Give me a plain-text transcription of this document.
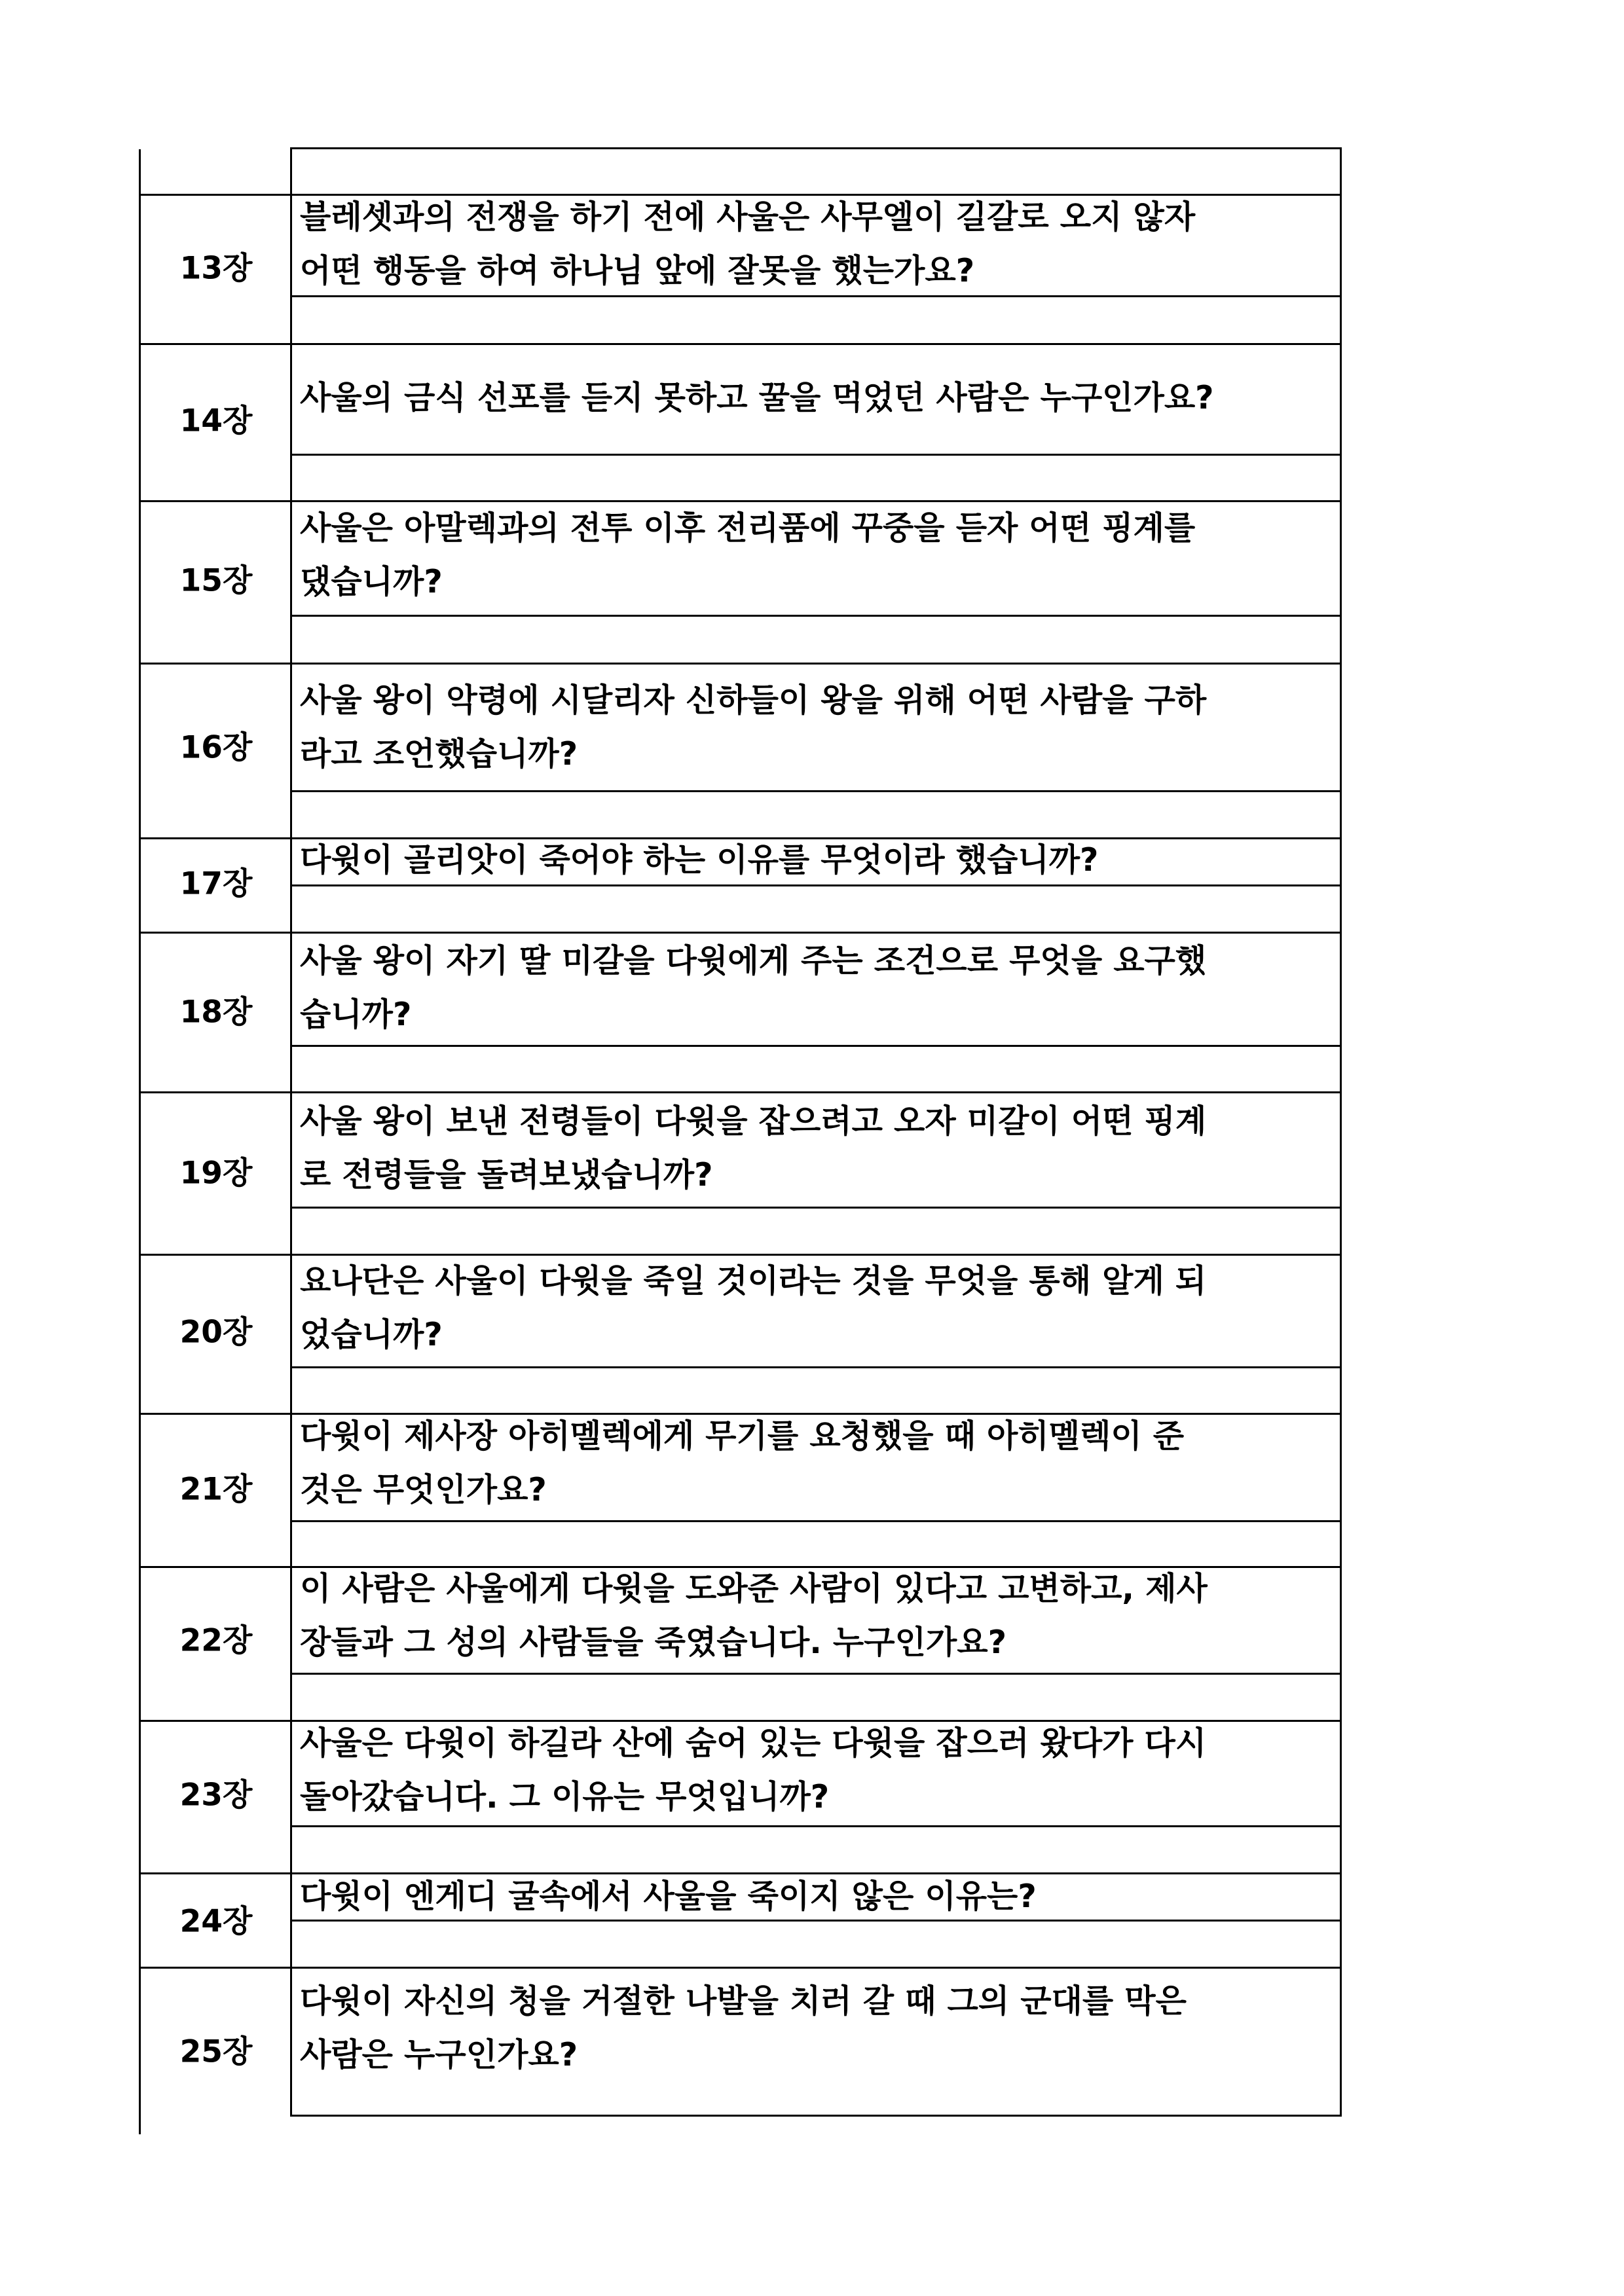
13장
블레셋과의 전쟁을 하기 전에 사울은 사무엘이 길갈로 오지 않자
어떤 행동을 하여 하나님 앞에 잘못을 했는가요?
14장
사울의 금식 선포를 듣지 못하고 꿀을 먹었던 사람은 누구인가요?
15장
사울은 아말렉과의 전투 이후 전리품에 꾸중을 듣자 어떤 핑계를
댔습니까?
16장
사울 왕이 악령에 시달리자 신하들이 왕을 위해 어떤 사람을 구하
라고 조언했습니까?
17장
다윗이 골리앗이 죽어야 하는 이유를 무엇이라 했습니까?
18장
사울 왕이 자기 딸 미갈을 다윗에게 주는 조건으로 무엇을 요구했
습니까?
19장
사울 왕이 보낸 전령들이 다윗을 잡으려고 오자 미갈이 어떤 핑계
로 전령들을 돌려보냈습니까?
20장
요나단은 사울이 다윗을 죽일 것이라는 것을 무엇을 통해 알게 되
었습니까?
21장
다윗이 제사장 아히멜렉에게 무기를 요청했을 때 아히멜렉이 준
것은 무엇인가요?
22장
이 사람은 사울에게 다윗을 도와준 사람이 있다고 고변하고, 제사
장들과 그 성의 사람들을 죽였습니다. 누구인가요?
23장
사울은 다윗이 하길라 산에 숨어 있는 다윗을 잡으러 왔다가 다시
돌아갔습니다. 그 이유는 무엇입니까?
24장
다윗이 엔게디 굴속에서 사울을 죽이지 않은 이유는?
25장
다윗이 자신의 청을 거절한 나발을 치러 갈 때 그의 군대를 막은
사람은 누구인가요?
